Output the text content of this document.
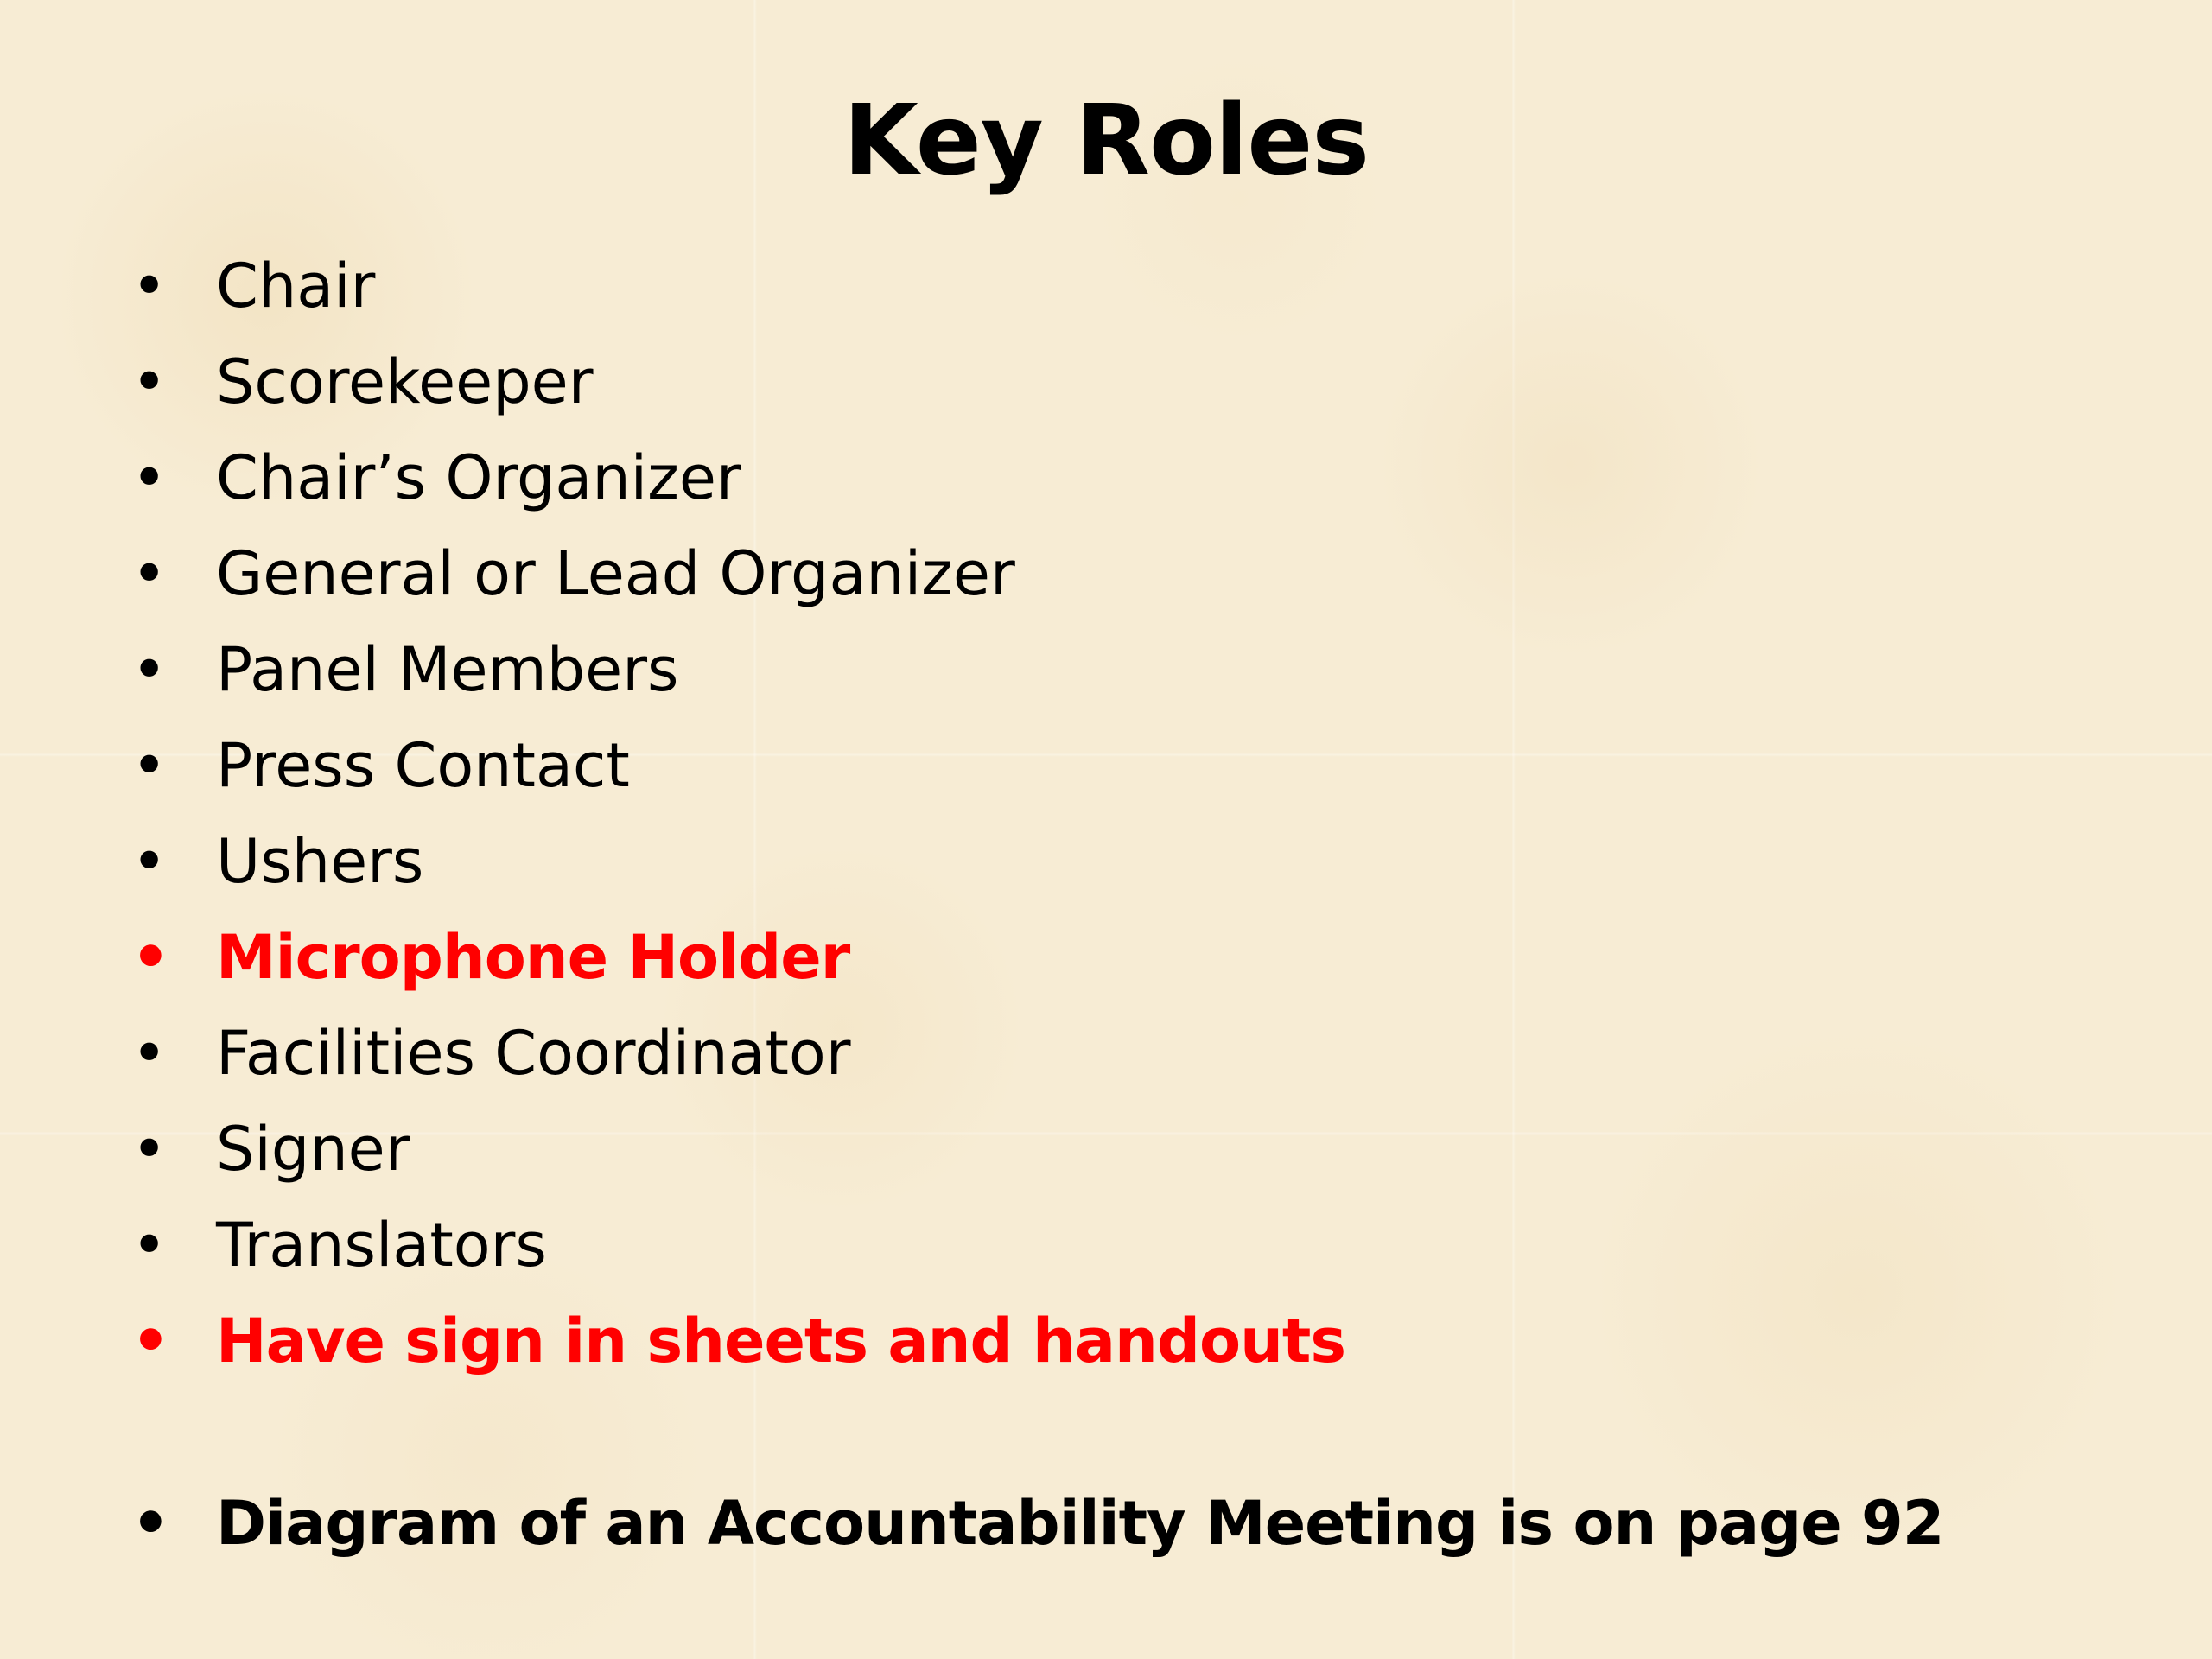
Key Roles
• Chair
• Scorekeeper
• Chair’s Organizer
• General or Lead Organizer
• Panel Members
• Press Contact
• Ushers
• Microphone Holder
• Facilities Coordinator
• Signer
• Translators
• Have sign in sheets and handouts
• Diagram of an Accountability Meeting is on page 92
